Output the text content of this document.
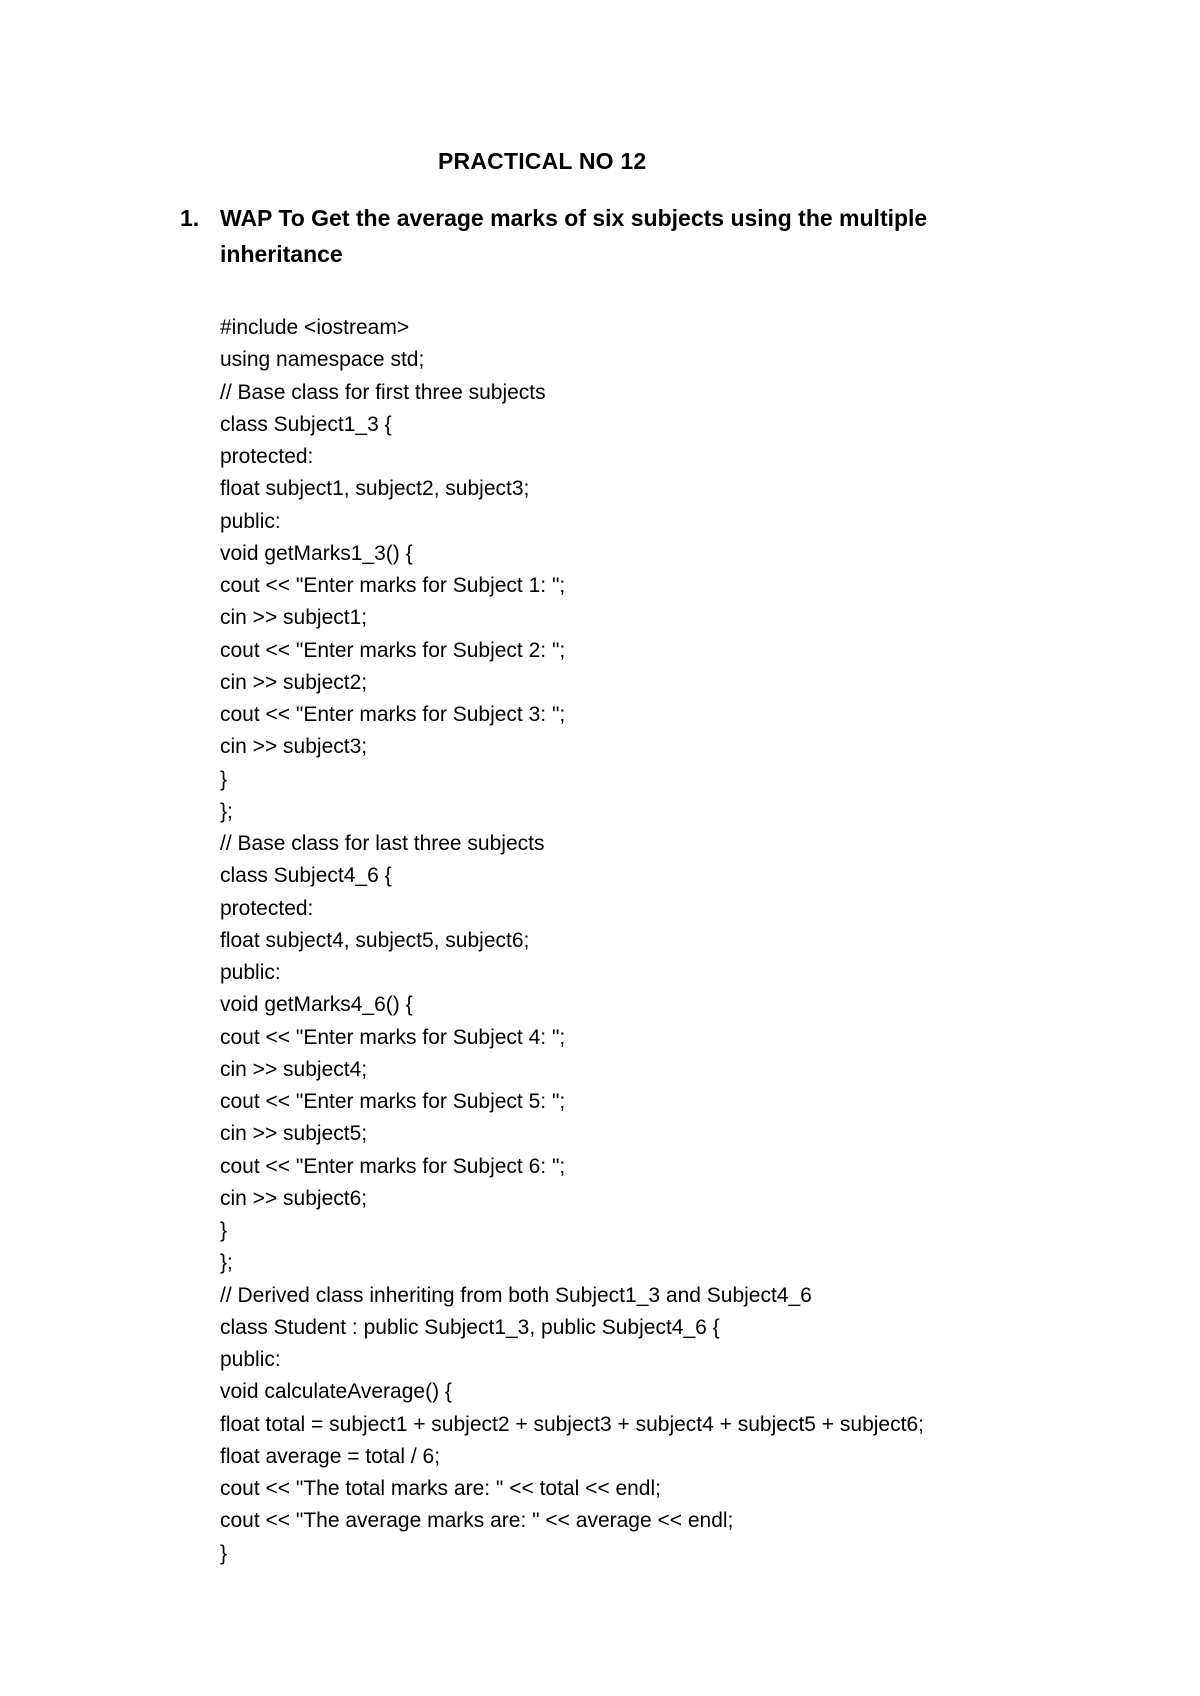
PRACTICAL NO 12
1. WAP To Get the average marks of six subjects using the multiple inheritance
#include <iostream>
using namespace std;
// Base class for first three subjects
class Subject1_3 {
protected:
float subject1, subject2, subject3;
public:
void getMarks1_3() {
cout << "Enter marks for Subject 1: ";
cin >> subject1;
cout << "Enter marks for Subject 2: ";
cin >> subject2;
cout << "Enter marks for Subject 3: ";
cin >> subject3;
}
};
// Base class for last three subjects
class Subject4_6 {
protected:
float subject4, subject5, subject6;
public:
void getMarks4_6() {
cout << "Enter marks for Subject 4: ";
cin >> subject4;
cout << "Enter marks for Subject 5: ";
cin >> subject5;
cout << "Enter marks for Subject 6: ";
cin >> subject6;
}
};
// Derived class inheriting from both Subject1_3 and Subject4_6
class Student : public Subject1_3, public Subject4_6 {
public:
void calculateAverage() {
float total = subject1 + subject2 + subject3 + subject4 + subject5 + subject6;
float average = total / 6;
cout << "The total marks are: " << total << endl;
cout << "The average marks are: " << average << endl;
}
